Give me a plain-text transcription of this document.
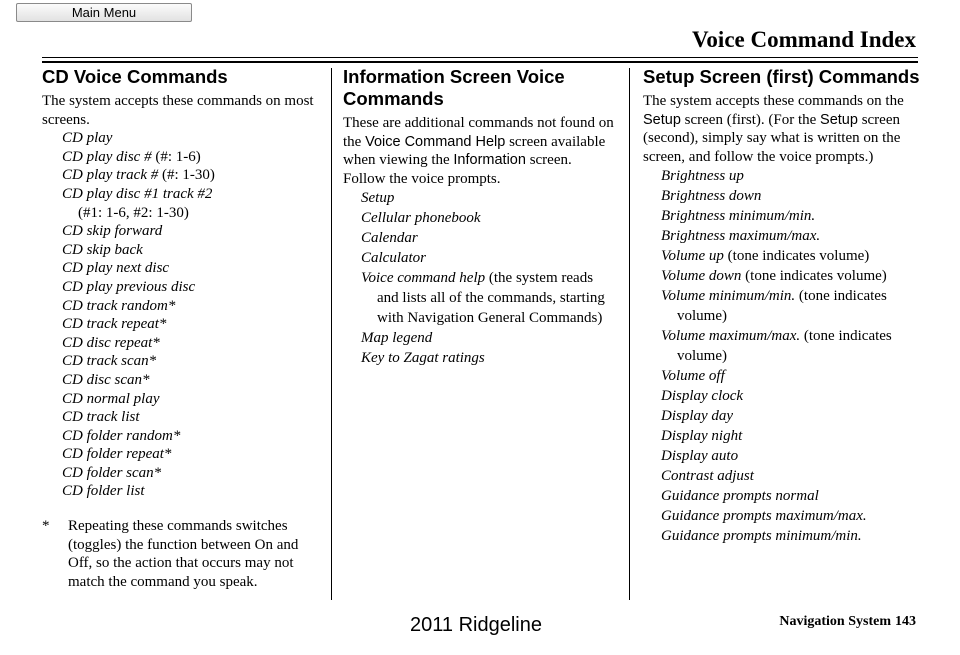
Main Menu
Voice Command Index
CD Voice Commands

The system accepts these commands on most screens.

CD play
CD play disc # (#: 1-6)
CD play track # (#: 1-30)
CD play disc #1 track #2
(#1: 1-6, #2: 1-30)
CD skip forward
CD skip back
CD play next disc
CD play previous disc
CD track random*
CD track repeat*
CD disc repeat*
CD track scan*
CD disc scan*
CD normal play
CD track list
CD folder random*
CD folder repeat*
CD folder scan*
CD folder list
* Repeating these commands switches (toggles) the function between On and Off, so the action that occurs may not match the command you speak.
Information Screen Voice Commands

These are additional commands not found on the Voice Command Help screen available when viewing the Information screen. Follow the voice prompts.

Setup
Cellular phonebook
Calendar
Calculator
Voice command help (the system reads and lists all of the commands, starting with Navigation General Commands)
Map legend
Key to Zagat ratings
Setup Screen (first) Commands

The system accepts these commands on the Setup screen (first). (For the Setup screen (second), simply say what is written on the screen, and follow the voice prompts.)

Brightness up
Brightness down
Brightness minimum/min.
Brightness maximum/max.
Volume up (tone indicates volume)
Volume down (tone indicates volume)
Volume minimum/min. (tone indicates volume)
Volume maximum/max. (tone indicates volume)
Volume off
Display clock
Display day
Display night
Display auto
Contrast adjust
Guidance prompts normal
Guidance prompts maximum/max.
Guidance prompts minimum/min.
Navigation System 143
2011 Ridgeline
